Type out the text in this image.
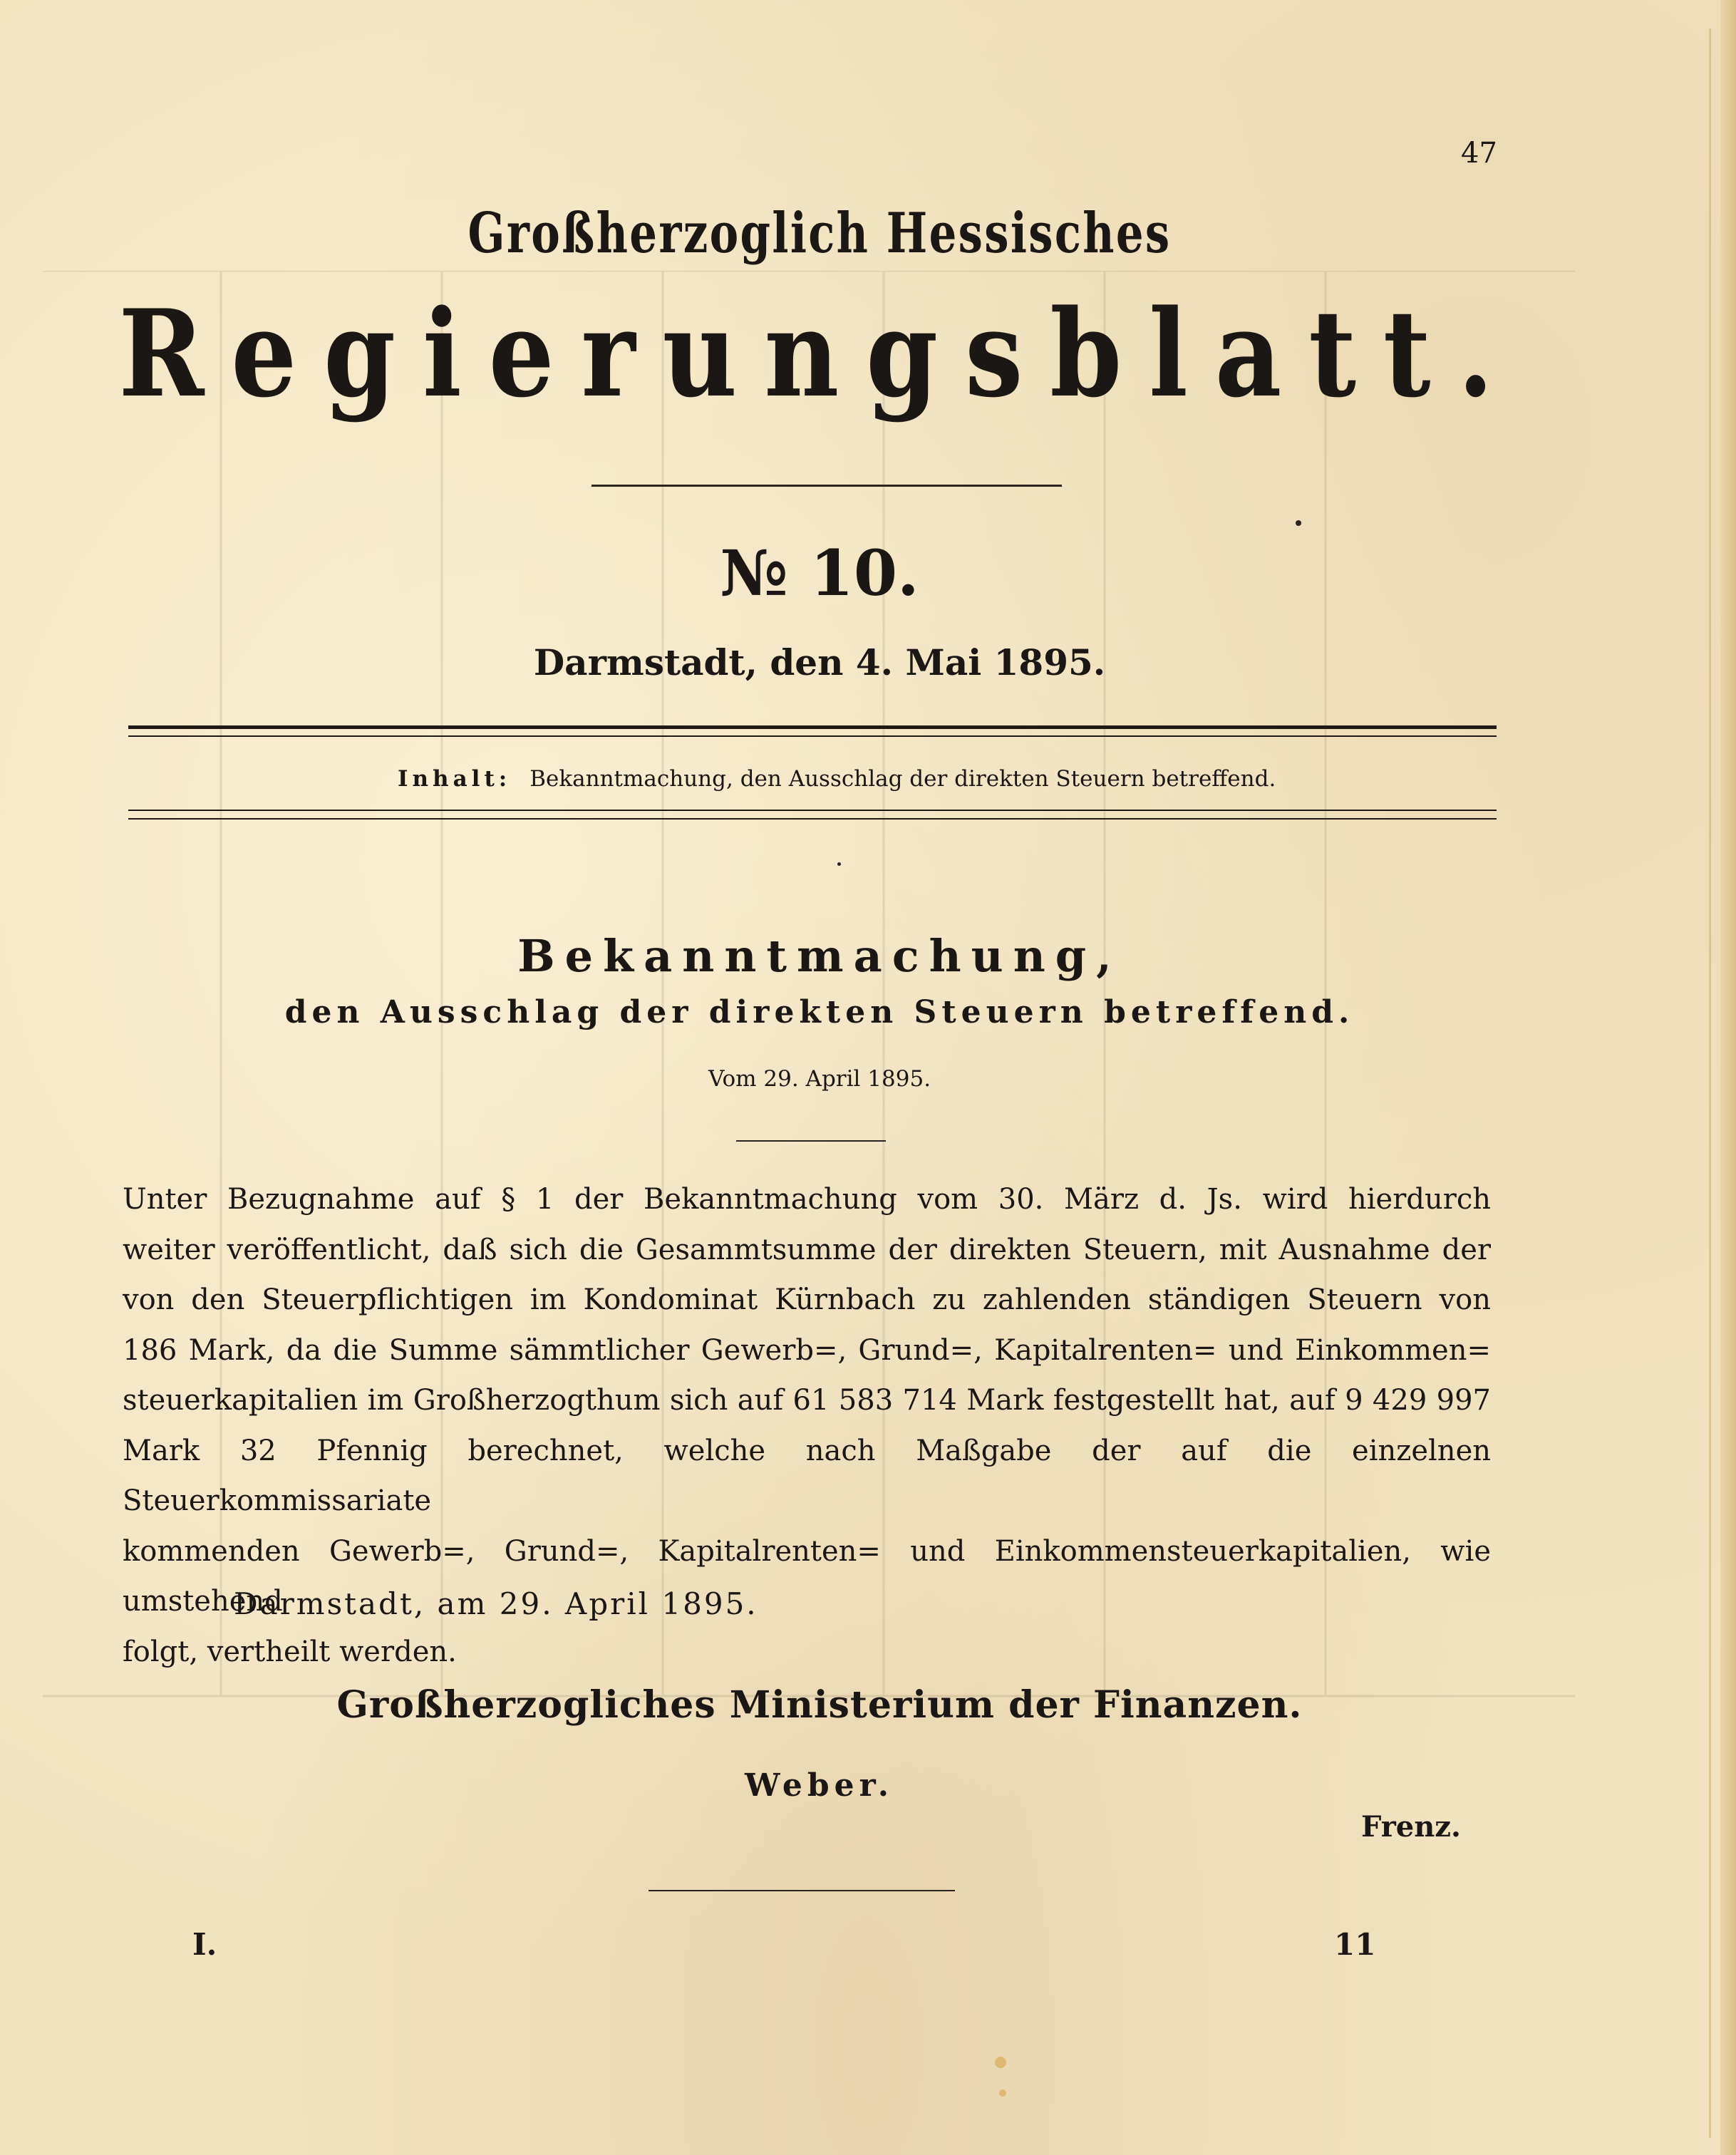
47
Großherzoglich Hessisches
Regierungsblatt.
№ 10.
Darmstadt, den 4. Mai 1895.
Inhalt: Bekanntmachung, den Ausschlag der direkten Steuern betreffend.
Bekanntmachung,
den Ausschlag der direkten Steuern betreffend.
Vom 29. April 1895.
Unter Bezugnahme auf § 1 der Bekanntmachung vom 30. März d. Js. wird hierdurch
weiter veröffentlicht, daß sich die Gesammtsumme der direkten Steuern, mit Ausnahme der
von den Steuerpflichtigen im Kondominat Kürnbach zu zahlenden ständigen Steuern von
186 Mark, da die Summe sämmtlicher Gewerb=, Grund=, Kapitalrenten= und Einkommen=
steuerkapitalien im Großherzogthum sich auf 61 583 714 Mark festgestellt hat, auf 9 429 997
Mark 32 Pfennig berechnet, welche nach Maßgabe der auf die einzelnen Steuerkommissariate
kommenden Gewerb=, Grund=, Kapitalrenten= und Einkommensteuerkapitalien, wie umstehend
folgt, vertheilt werden.
Darmstadt, am 29. April 1895.
Großherzogliches Ministerium der Finanzen.
Weber.
Frenz.
I.	11
